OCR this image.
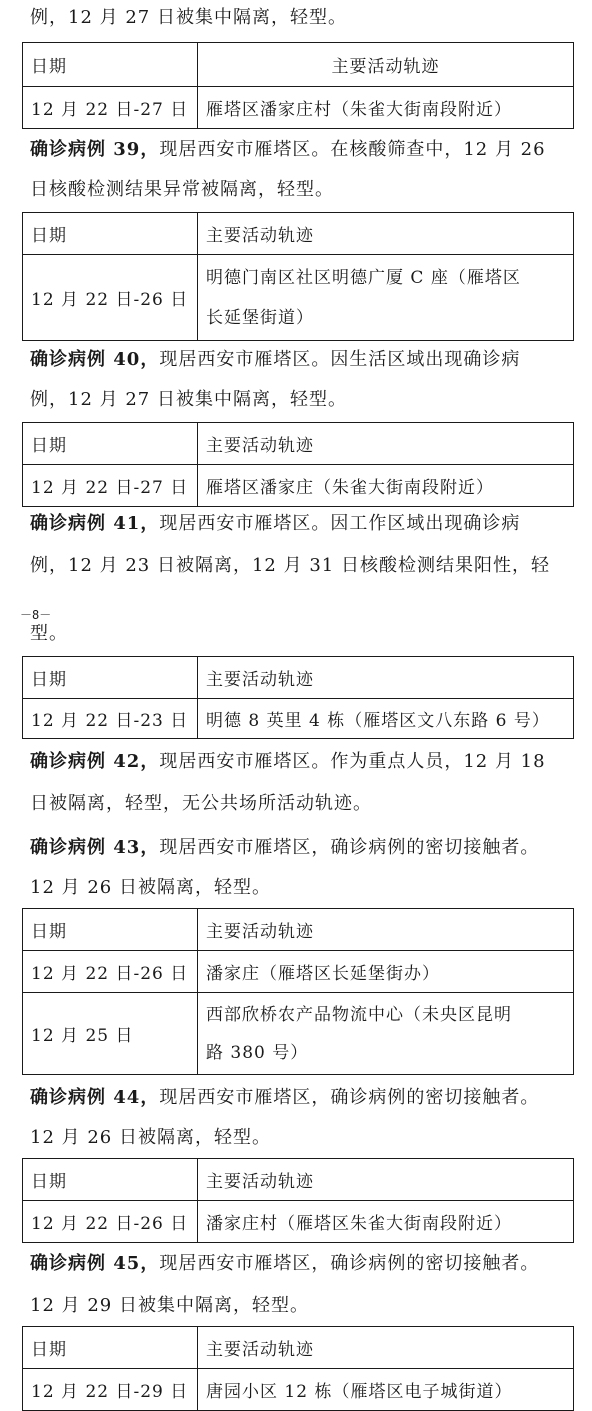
例，12 月 27 日被集中隔离，轻型。
日期	主要活动轨迹
12 月 22 日-27 日	雁塔区潘家庄村（朱雀大街南段附近）
确诊病例 39，现居西安市雁塔区。在核酸筛查中，12 月 26
日核酸检测结果异常被隔离，轻型。
日期	主要活动轨迹
12 月 22 日-26 日	明德门南区社区明德广厦 C 座（雁塔区
长延堡街道）
确诊病例 40，现居西安市雁塔区。因生活区域出现确诊病
例，12 月 27 日被集中隔离，轻型。
日期	主要活动轨迹
12 月 22 日-27 日	雁塔区潘家庄（朱雀大街南段附近）
确诊病例 41，现居西安市雁塔区。因工作区域出现确诊病
例，12 月 23 日被隔离，12 月 31 日核酸检测结果阳性，轻
－8－
型。
日期	主要活动轨迹
12 月 22 日-23 日	明德 8 英里 4 栋（雁塔区文八东路 6 号）
确诊病例 42，现居西安市雁塔区。作为重点人员，12 月 18
日被隔离，轻型，无公共场所活动轨迹。
确诊病例 43，现居西安市雁塔区，确诊病例的密切接触者。
12 月 26 日被隔离，轻型。
日期	主要活动轨迹
12 月 22 日-26 日	潘家庄（雁塔区长延堡街办）
12 月 25 日	西部欣桥农产品物流中心（未央区昆明
路 380 号）
确诊病例 44，现居西安市雁塔区，确诊病例的密切接触者。
12 月 26 日被隔离，轻型。
日期	主要活动轨迹
12 月 22 日-26 日	潘家庄村（雁塔区朱雀大街南段附近）
确诊病例 45，现居西安市雁塔区，确诊病例的密切接触者。
12 月 29 日被集中隔离，轻型。
日期	主要活动轨迹
12 月 22 日-29 日	唐园小区 12 栋（雁塔区电子城街道）
